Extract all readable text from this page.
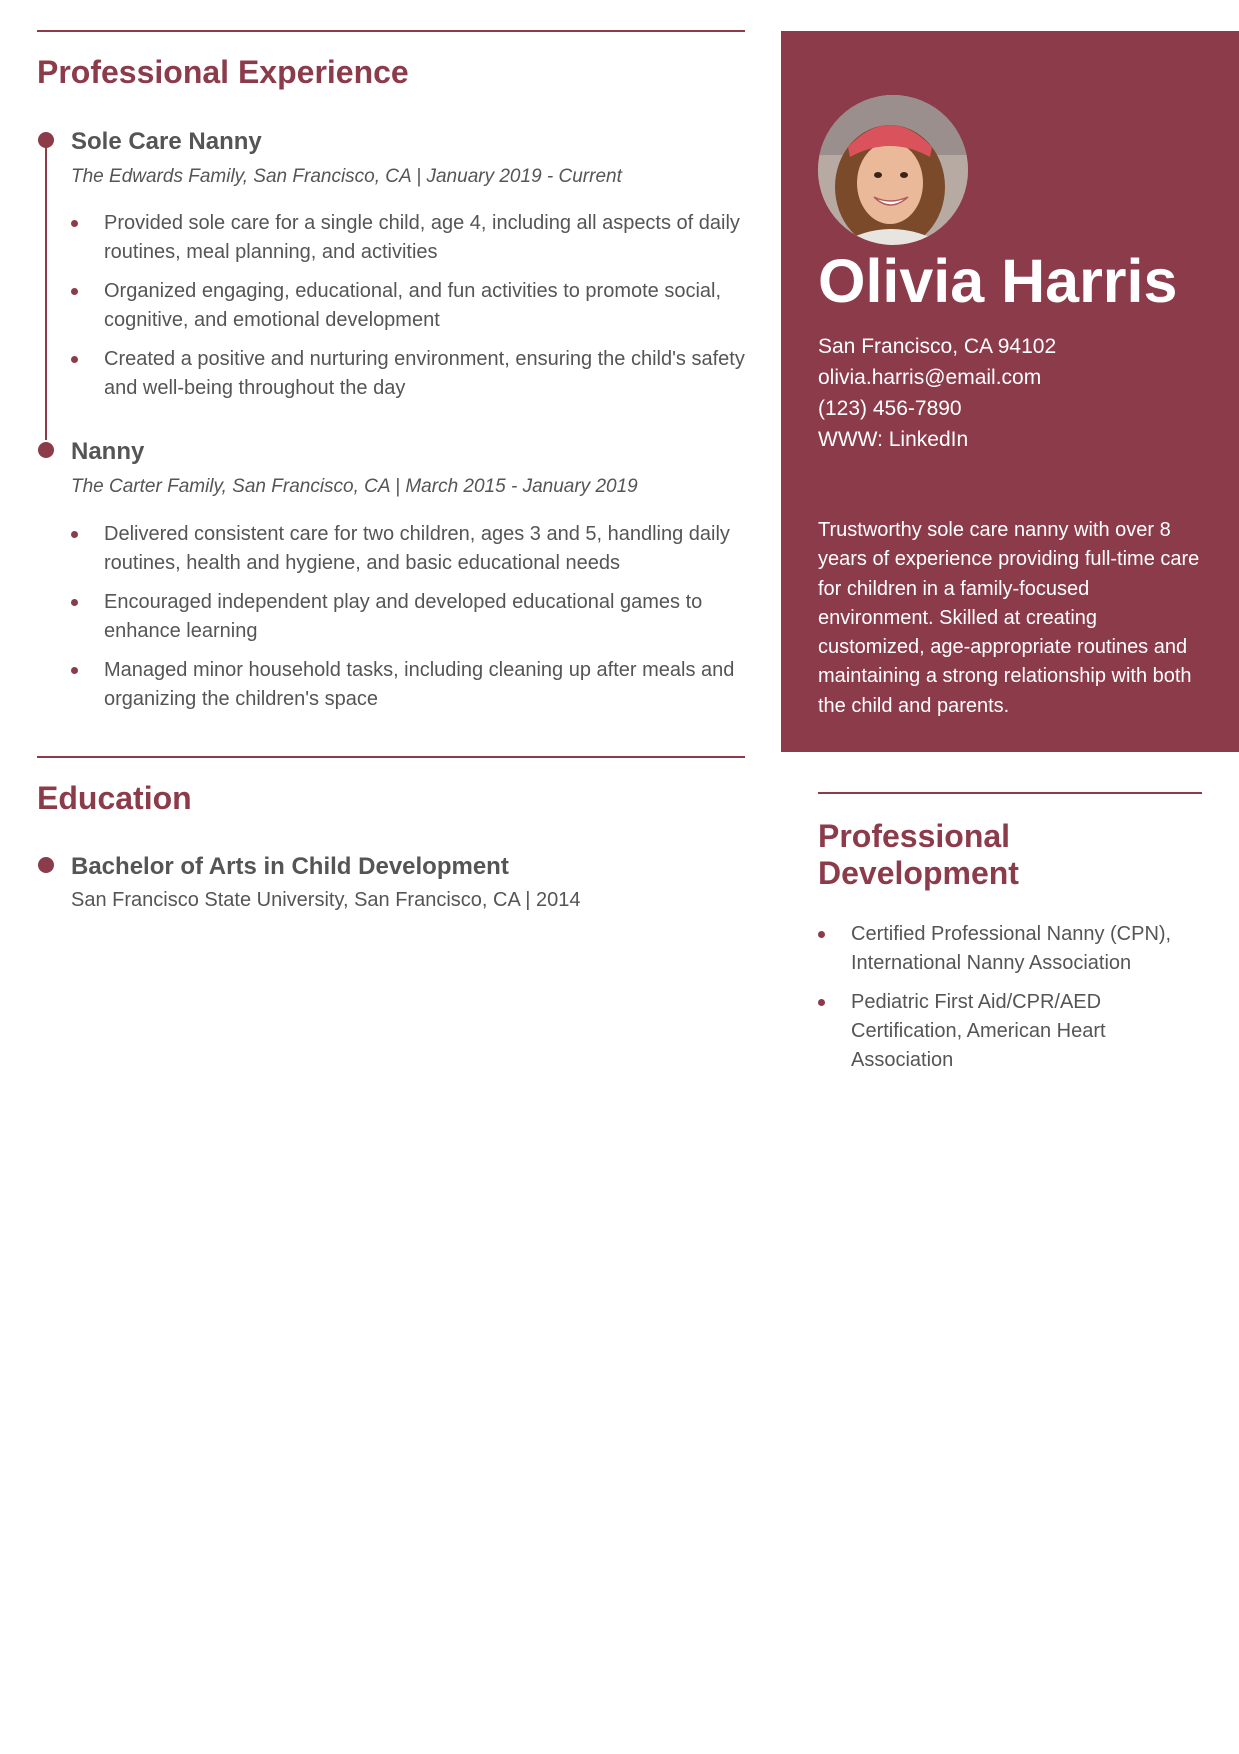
Professional Experience
Sole Care Nanny
The Edwards Family, San Francisco, CA | January 2019 - Current
Provided sole care for a single child, age 4, including all aspects of daily routines, meal planning, and activities
Organized engaging, educational, and fun activities to promote social, cognitive, and emotional development
Created a positive and nurturing environment, ensuring the child's safety and well-being throughout the day
Nanny
The Carter Family, San Francisco, CA | March 2015 - January 2019
Delivered consistent care for two children, ages 3 and 5, handling daily routines, health and hygiene, and basic educational needs
Encouraged independent play and developed educational games to enhance learning
Managed minor household tasks, including cleaning up after meals and organizing the children's space
Education
Bachelor of Arts in Child Development
San Francisco State University, San Francisco, CA | 2014
Olivia Harris
San Francisco, CA 94102
olivia.harris@email.com
(123) 456-7890
WWW: LinkedIn
Trustworthy sole care nanny with over 8 years of experience providing full-time care for children in a family-focused environment. Skilled at creating customized, age-appropriate routines and maintaining a strong relationship with both the child and parents.
Professional
Development
Certified Professional Nanny (CPN), International Nanny Association
Pediatric First Aid/CPR/AED Certification, American Heart Association
